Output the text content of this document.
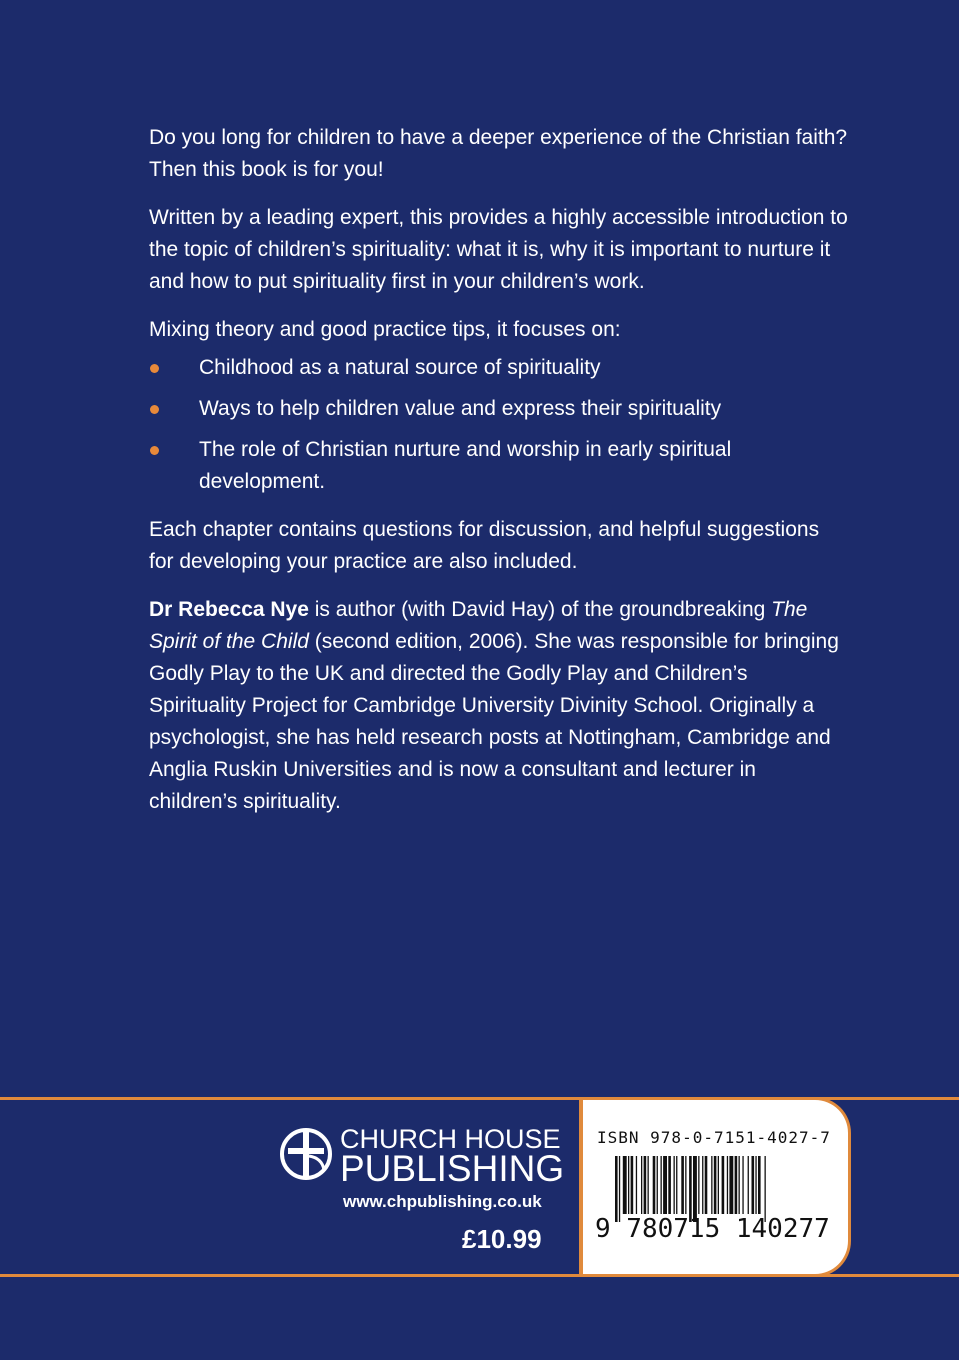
Do you long for children to have a deeper experience of the Christian faith? Then this book is for you!

Written by a leading expert, this provides a highly accessible introduction to the topic of children’s spirituality: what it is, why it is important to nurture it and how to put spirituality first in your children’s work.

Mixing theory and good practice tips, it focuses on:

Childhood as a natural source of spirituality
Ways to help children value and express their spirituality
The role of Christian nurture and worship in early spiritual development.

Each chapter contains questions for discussion, and helpful suggestions for developing your practice are also included.

Dr Rebecca Nye is author (with David Hay) of the groundbreaking The Spirit of the Child (second edition, 2006). She was responsible for bringing Godly Play to the UK and directed the Godly Play and Children’s Spirituality Project for Cambridge University Divinity School. Originally a psychologist, she has held research posts at Nottingham, Cambridge and Anglia Ruskin Universities and is now a consultant and lecturer in children’s spirituality.

CHURCH HOUSE
PUBLISHING
www.chpublishing.co.uk
£10.99
ISBN 978-0-7151-4027-7
9 780715 140277
